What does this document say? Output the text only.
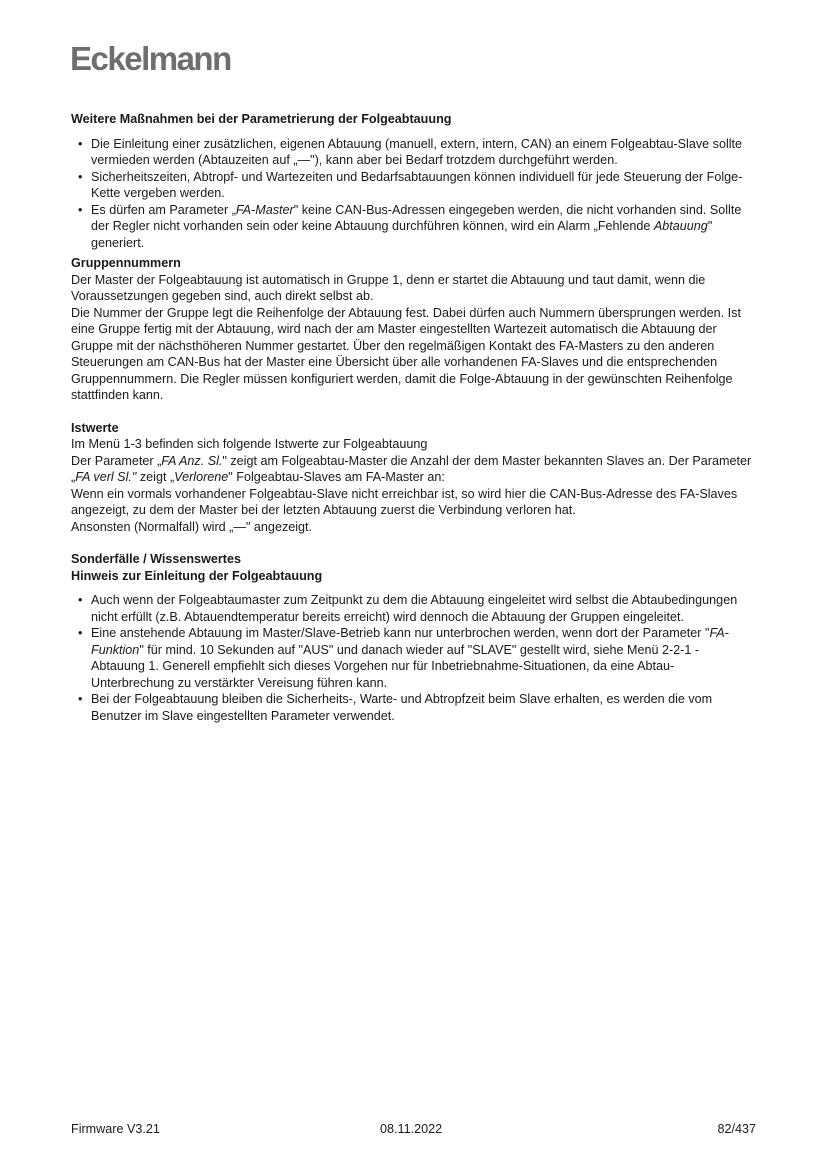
Eckelmann
Weitere Maßnahmen bei der Parametrierung der Folgeabtauung
• Die Einleitung einer zusätzlichen, eigenen Abtauung (manuell, extern, intern, CAN) an einem Folgeabtau-Slave sollte vermieden werden (Abtauzeiten auf „—"), kann aber bei Bedarf trotzdem durchgeführt werden.
• Sicherheitszeiten, Abtropf- und Wartezeiten und Bedarfsabtauungen können individuell für jede Steuerung der Folge-Kette vergeben werden.
• Es dürfen am Parameter „FA-Master" keine CAN-Bus-Adressen eingegeben werden, die nicht vorhanden sind. Sollte der Regler nicht vorhanden sein oder keine Abtauung durchführen können, wird ein Alarm „Fehlende Abtauung" generiert.
Gruppennummern

Der Master der Folgeabtauung ist automatisch in Gruppe 1, denn er startet die Abtauung und taut damit, wenn die Voraussetzungen gegeben sind, auch direkt selbst ab.

Die Nummer der Gruppe legt die Reihenfolge der Abtauung fest. Dabei dürfen auch Nummern übersprungen werden. Ist eine Gruppe fertig mit der Abtauung, wird nach der am Master eingestellten Wartezeit automatisch die Abtauung der Gruppe mit der nächsthöheren Nummer gestartet. Über den regelmäßigen Kontakt des FA-Masters zu den anderen Steuerungen am CAN-Bus hat der Master eine Übersicht über alle vorhandenen FA-Slaves und die entsprechenden Gruppennummern. Die Regler müssen konfiguriert werden, damit die Folge-Abtauung in der gewünschten Reihenfolge stattfinden kann.

Istwerte

Im Menü 1-3 befinden sich folgende Istwerte zur Folgeabtauung

Der Parameter „FA Anz. Sl." zeigt am Folgeabtau-Master die Anzahl der dem Master bekannten Slaves an. Der Parameter „FA verl Sl." zeigt „Verlorene" Folgeabtau-Slaves am FA-Master an:

Wenn ein vormals vorhandener Folgeabtau-Slave nicht erreichbar ist, so wird hier die CAN-Bus-Adresse des FA-Slaves angezeigt, zu dem der Master bei der letzten Abtauung zuerst die Verbindung verloren hat.

Ansonsten (Normalfall) wird „—" angezeigt.

Sonderfälle / Wissenswertes
Hinweis zur Einleitung der Folgeabtauung
• Auch wenn der Folgeabtaumaster zum Zeitpunkt zu dem die Abtauung eingeleitet wird selbst die Abtaubedingungen nicht erfüllt (z.B. Abtauendtemperatur bereits erreicht) wird dennoch die Abtauung der Gruppen eingeleitet.
• Eine anstehende Abtauung im Master/Slave-Betrieb kann nur unterbrochen werden, wenn dort der Parameter "FA-Funktion" für mind. 10 Sekunden auf "AUS" und danach wieder auf "SLAVE" gestellt wird, siehe Menü 2-2-1 - Abtauung 1. Generell empfiehlt sich dieses Vorgehen nur für Inbetriebnahme-Situationen, da eine Abtau-Unterbrechung zu verstärkter Vereisung führen kann.
• Bei der Folgeabtauung bleiben die Sicherheits-, Warte- und Abtropfzeit beim Slave erhalten, es werden die vom Benutzer im Slave eingestellten Parameter verwendet.
Firmware V3.21	08.11.2022	82/437
